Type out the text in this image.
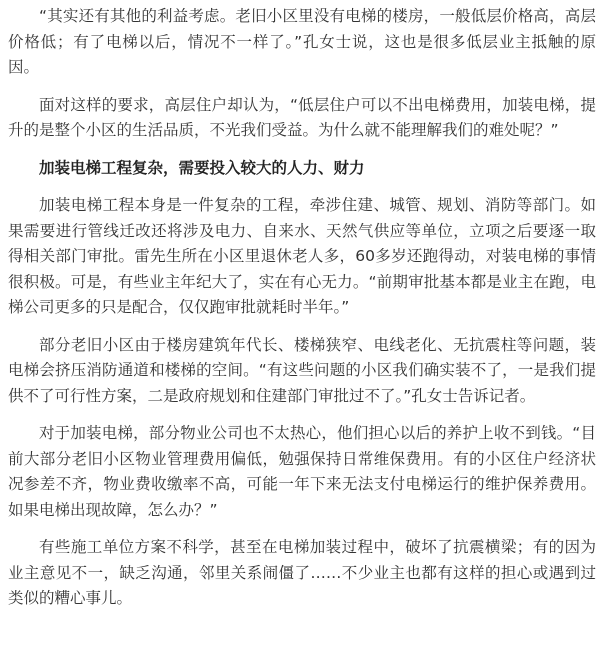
“其实还有其他的利益考虑。老旧小区里没有电梯的楼房，一般低层价格高，高层价格低；有了电梯以后，情况不一样了。”孔女士说，这也是很多低层业主抵触的原因。

面对这样的要求，高层住户却认为，“低层住户可以不出电梯费用，加装电梯，提升的是整个小区的生活品质，不光我们受益。为什么就不能理解我们的难处呢？”

加装电梯工程复杂，需要投入较大的人力、财力

加装电梯工程本身是一件复杂的工程，牵涉住建、城管、规划、消防等部门。如果需要进行管线迁改还将涉及电力、自来水、天然气供应等单位，立项之后要逐一取得相关部门审批。雷先生所在小区里退休老人多，60多岁还跑得动，对装电梯的事情很积极。可是，有些业主年纪大了，实在有心无力。“前期审批基本都是业主在跑，电梯公司更多的只是配合，仅仅跑审批就耗时半年。”

部分老旧小区由于楼房建筑年代长、楼梯狭窄、电线老化、无抗震柱等问题，装电梯会挤压消防通道和楼梯的空间。“有这些问题的小区我们确实装不了，一是我们提供不了可行性方案，二是政府规划和住建部门审批过不了。”孔女士告诉记者。

对于加装电梯，部分物业公司也不太热心，他们担心以后的养护上收不到钱。“目前大部分老旧小区物业管理费用偏低，勉强保持日常维保费用。有的小区住户经济状况参差不齐，物业费收缴率不高，可能一年下来无法支付电梯运行的维护保养费用。如果电梯出现故障，怎么办？”

有些施工单位方案不科学，甚至在电梯加装过程中，破坏了抗震横梁；有的因为业主意见不一，缺乏沟通，邻里关系闹僵了……不少业主也都有这样的担心或遇到过类似的糟心事儿。
